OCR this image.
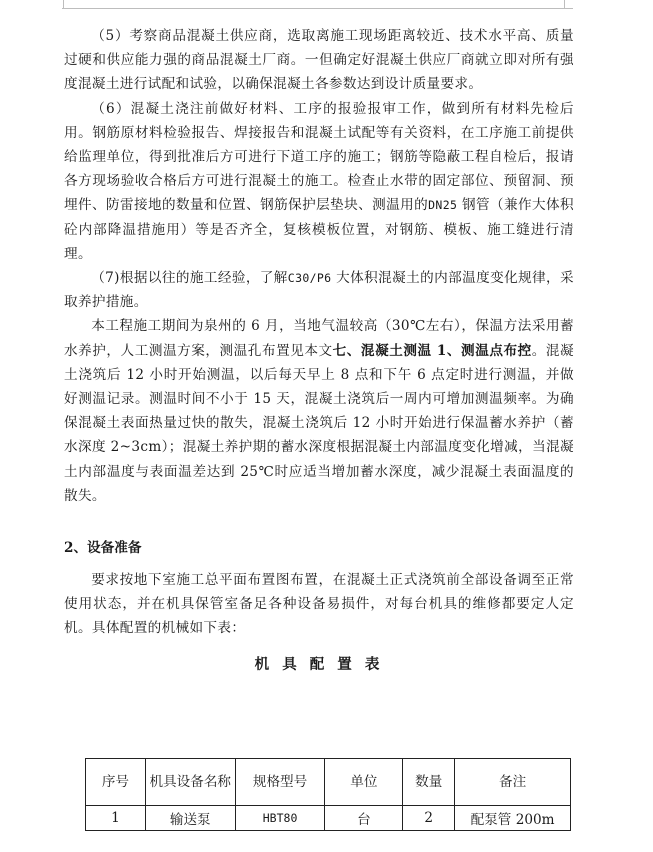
（5）考察商品混凝土供应商，选取离施工现场距离较近、技术水平高、质量过硬和供应能力强的商品混凝土厂商。一但确定好混凝土供应厂商就立即对所有强度混凝土进行试配和试验，以确保混凝土各参数达到设计质量要求。

（6）混凝土浇注前做好材料、工序的报验报审工作，做到所有材料先检后用。钢筋原材料检验报告、焊接报告和混凝土试配等有关资料，在工序施工前提供给监理单位，得到批准后方可进行下道工序的施工；钢筋等隐蔽工程自检后，报请各方现场验收合格后方可进行混凝土的施工。检查止水带的固定部位、预留洞、预埋件、防雷接地的数量和位置、钢筋保护层垫块、测温用的DN25 钢管（兼作大体积砼内部降温措施用）等是否齐全，复核模板位置，对钢筋、模板、施工缝进行清理。

（7)根据以往的施工经验，了解C30/P6 大体积混凝土的内部温度变化规律，采取养护措施。

本工程施工期间为泉州的 6 月，当地气温较高（30℃左右），保温方法采用蓄水养护，人工测温方案，测温孔布置见本文七、混凝土测温 1、测温点布控。混凝土浇筑后 12 小时开始测温，以后每天早上 8 点和下午 6 点定时进行测温，并做好测温记录。测温时间不小于 15 天，混凝土浇筑后一周内可增加测温频率。为确保混凝土表面热量过快的散失，混凝土浇筑后 12 小时开始进行保温蓄水养护（蓄水深度 2~3cm）；混凝土养护期的蓄水深度根据混凝土内部温度变化增减，当混凝土内部温度与表面温差达到 25℃时应适当增加蓄水深度，减少混凝土表面温度的散失。

2、设备准备

要求按地下室施工总平面布置图布置，在混凝土正式浇筑前全部设备调至正常使用状态，并在机具保管室备足各种设备易损件，对每台机具的维修都要定人定机。具体配置的机械如下表：

机 具 配 置 表
序号	机具设备名称	规格型号	单位	数量	备注
1	输送泵	HBT80	台	2	配泵管 200m
